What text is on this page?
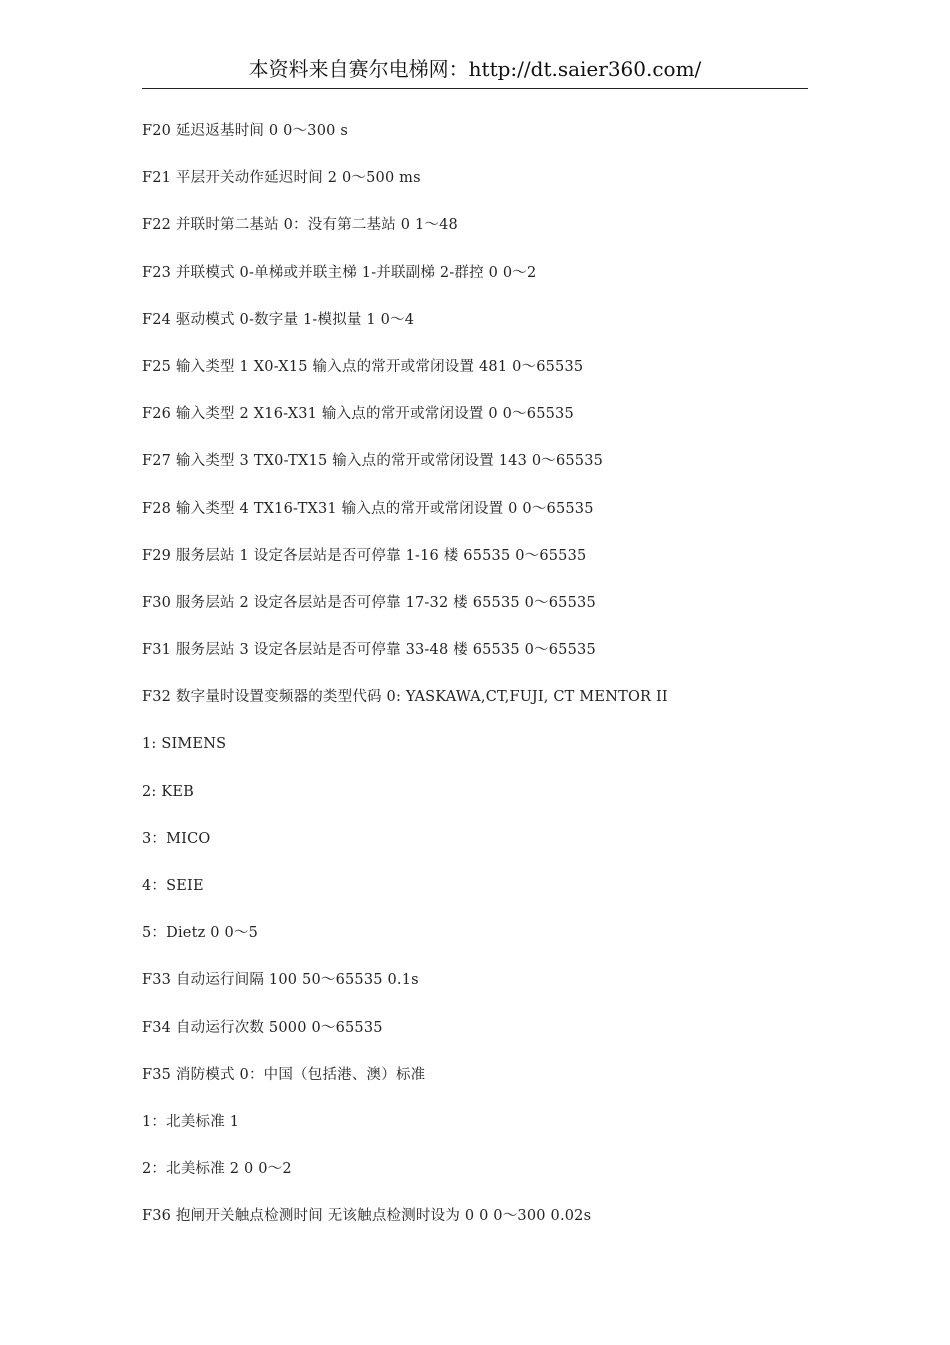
本资料来自赛尔电梯网：http://dt.saier360.com/
F20 延迟返基时间 0 0～300 s
F21 平层开关动作延迟时间 2 0～500 ms
F22 并联时第二基站 0：没有第二基站 0 1～48
F23 并联模式 0-单梯或并联主梯 1-并联副梯 2-群控 0 0～2
F24 驱动模式 0-数字量 1-模拟量 1 0～4
F25 输入类型 1 X0-X15 输入点的常开或常闭设置 481 0～65535
F26 输入类型 2 X16-X31 输入点的常开或常闭设置 0 0～65535
F27 输入类型 3 TX0-TX15 输入点的常开或常闭设置 143 0～65535
F28 输入类型 4 TX16-TX31 输入点的常开或常闭设置 0 0～65535
F29 服务层站 1 设定各层站是否可停靠 1-16 楼 65535 0～65535
F30 服务层站 2 设定各层站是否可停靠 17-32 楼 65535 0～65535
F31 服务层站 3 设定各层站是否可停靠 33-48 楼 65535 0～65535
F32 数字量时设置变频器的类型代码 0: YASKAWA,CT,FUJI, CT MENTOR II
1: SIMENS
2: KEB
3：MICO
4：SEIE
5：Dietz 0 0～5
F33 自动运行间隔 100 50～65535 0.1s
F34 自动运行次数 5000 0～65535
F35 消防模式 0：中国（包括港、澳）标准
1：北美标准 1
2：北美标准 2 0 0～2
F36 抱闸开关触点检测时间 无该触点检测时设为 0 0 0～300 0.02s
